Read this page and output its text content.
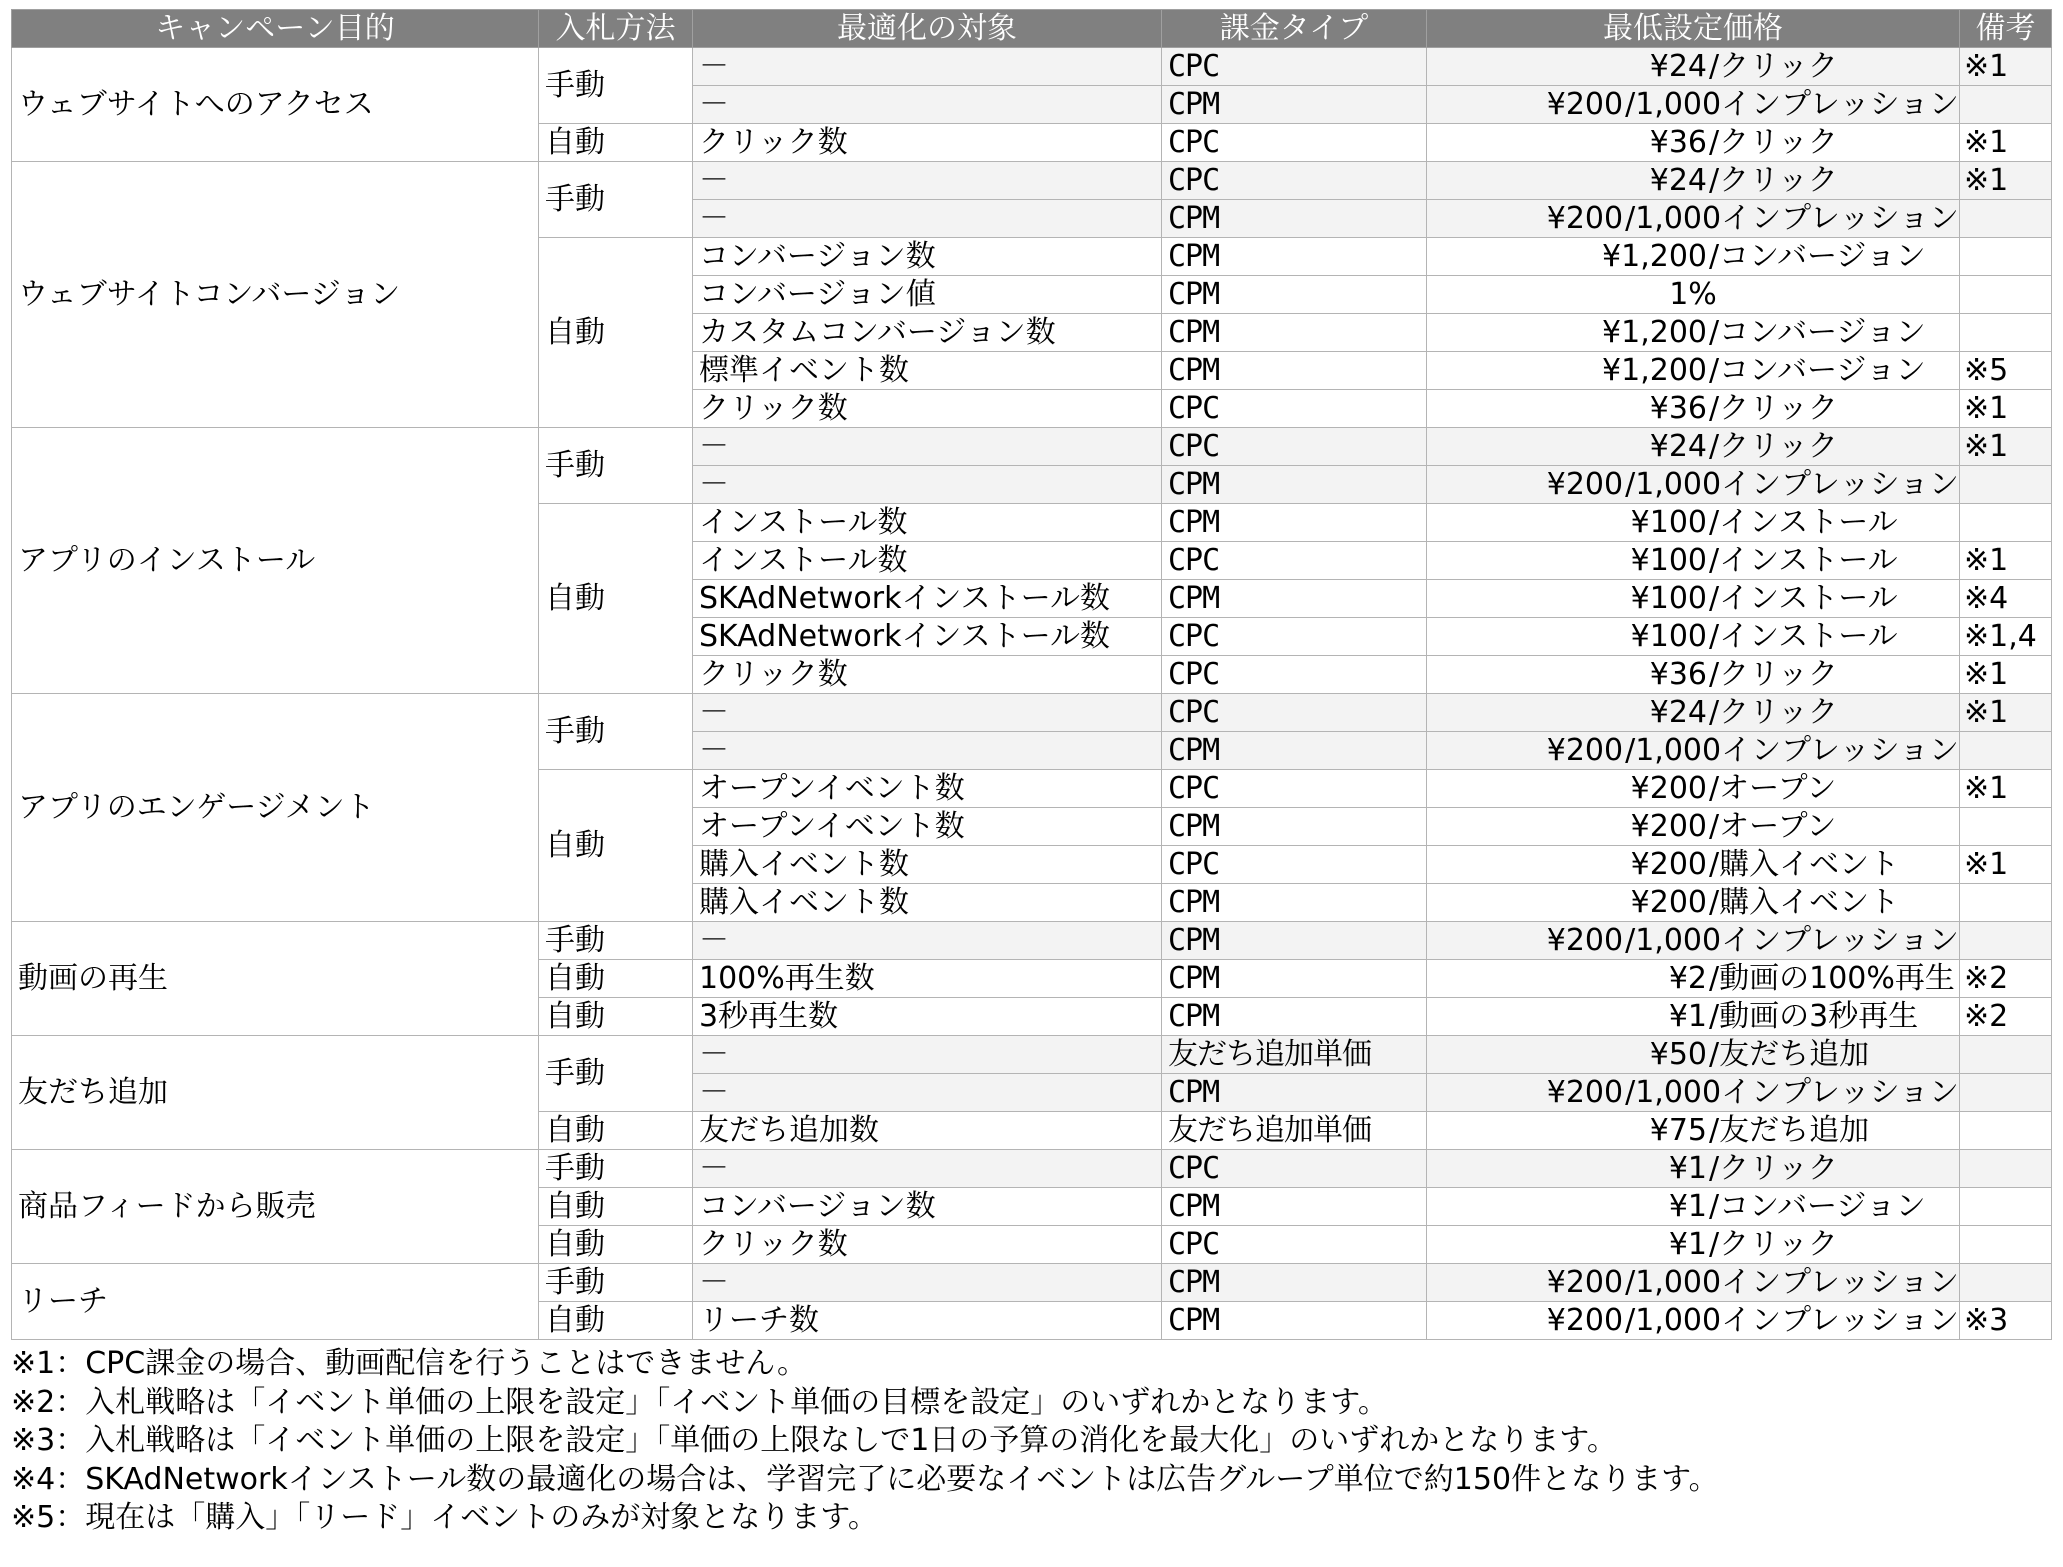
キャンペーン目的	入札方法	最適化の対象	課金タイプ	最低設定価格	備考
ウェブサイトへのアクセス	手動	－	CPC	¥24 /クリック	※1
		－	CPM	¥200 /1,000インプレッション	

	自動	クリック数	CPC	¥36 /クリック	※1
ウェブサイトコンバージョン	手動	－	CPC	¥24 /クリック	※1
		－	CPM	¥200 /1,000インプレッション	

	自動	コンバージョン数	CPM	¥1,200 /コンバージョン	

		コンバージョン値	CPM	1%	
		カスタムコンバージョン数	CPM	¥1,200 /コンバージョン	

		標準イベント数	CPM	¥1,200 /コンバージョン	※5
		クリック数	CPC	¥36 /クリック	※1
アプリのインストール	手動	－	CPC	¥24 /クリック	※1
		－	CPM	¥200 /1,000インプレッション	

	自動	インストール数	CPM	¥100 /インストール	

		インストール数	CPC	¥100 /インストール	※1
		SKAdNetworkインストール数	CPM	¥100 /インストール	※4
		SKAdNetworkインストール数	CPC	¥100 /インストール	※1,4
		クリック数	CPC	¥36 /クリック	※1
アプリのエンゲージメント	手動	－	CPC	¥24 /クリック	※1
		－	CPM	¥200 /1,000インプレッション	

	自動	オープンイベント数	CPC	¥200 /オープン	※1
		オープンイベント数	CPM	¥200 /オープン	

		購入イベント数	CPC	¥200 /購入イベント	※1
		購入イベント数	CPM	¥200 /購入イベント	

動画の再生	手動	－	CPM	¥200 /1,000インプレッション	

	自動	100%再生数	CPM	¥2 /動画の100%再生	※2
	自動	3秒再生数	CPM	¥1 /動画の3秒再生	※2
友だち追加	手動	－	友だち追加単価	¥50 /友だち追加	

		－	CPM	¥200 /1,000インプレッション	

	自動	友だち追加数	友だち追加単価	¥75 /友だち追加	

商品フィードから販売	手動	－	CPC	¥1 /クリック	

	自動	コンバージョン数	CPM	¥1 /コンバージョン	

	自動	クリック数	CPC	¥1 /クリック	

リーチ	手動	－	CPM	¥200 /1,000インプレッション	

	自動	リーチ数	CPM	¥200 /1,000インプレッション	※3
※1：CPC課金の場合、動画配信を行うことはできません。
※2：入札戦略は「イベント単価の上限を設定」「イベント単価の目標を設定」のいずれかとなります。
※3：入札戦略は「イベント単価の上限を設定」「単価の上限なしで1日の予算の消化を最大化」のいずれかとなります。
※4：SKAdNetworkインストール数の最適化の場合は、学習完了に必要なイベントは広告グループ単位で約150件となります。
※5：現在は「購入」「リード」イベントのみが対象となります。
